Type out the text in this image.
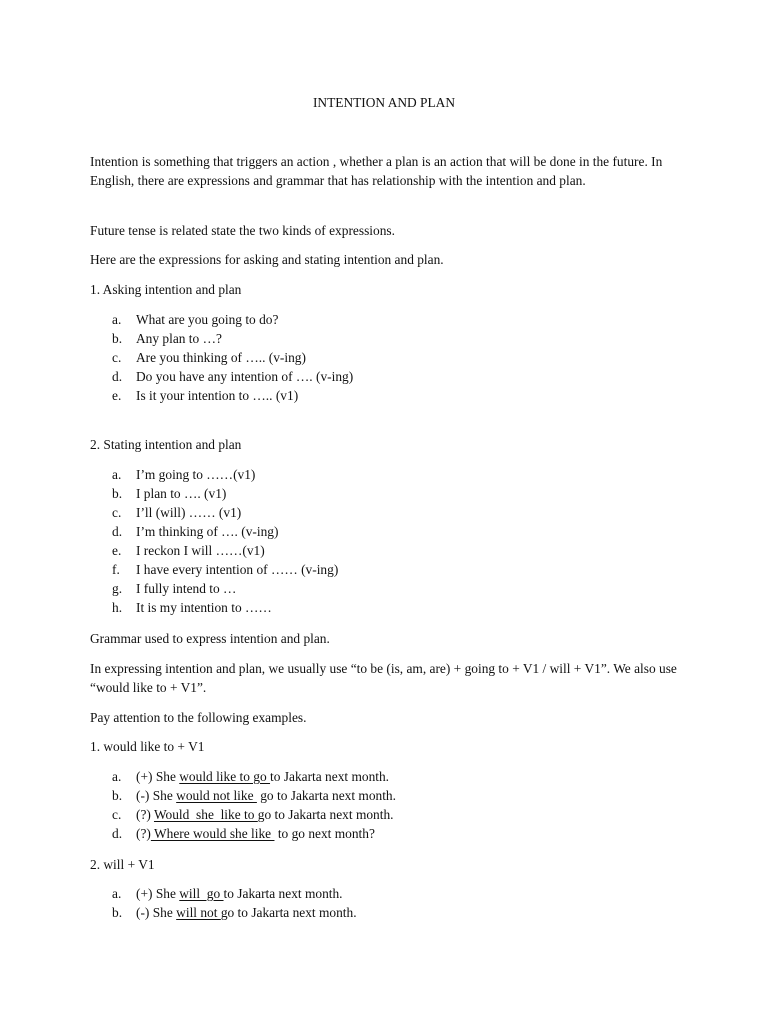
INTENTION AND PLAN

Intention is something that triggers an action , whether a plan is an action that will be done in the future. In English, there are expressions and grammar that has relationship with the intention and plan.

Future tense is related state the two kinds of expressions.

Here are the expressions for asking and stating intention and plan.

1. Asking intention and plan

a. What are you going to do?
b. Any plan to …?
c. Are you thinking of ….. (v-ing)
d. Do you have any intention of …. (v-ing)
e. Is it your intention to ….. (v1)

2. Stating intention and plan

a. I’m going to ……(v1)
b. I plan to …. (v1)
c. I’ll (will) …… (v1)
d. I’m thinking of …. (v-ing)
e. I reckon I will ……(v1)
f. I have every intention of …… (v-ing)
g. I fully intend to …
h. It is my intention to ……

Grammar used to express intention and plan.

In expressing intention and plan, we usually use “to be (is, am, are) + going to + V1 / will + V1”. We also use “would like to + V1”.

Pay attention to the following examples.

1. would like to + V1

a. (+) She would like to go to Jakarta next month.
b. (-) She would not like  go to Jakarta next month.
c. (?) Would  she  like to go to Jakarta next month.
d. (?) Where would she like  to go next month?

2. will + V1

a. (+) She will  go to Jakarta next month.
b. (-) She will not go to Jakarta next month.
